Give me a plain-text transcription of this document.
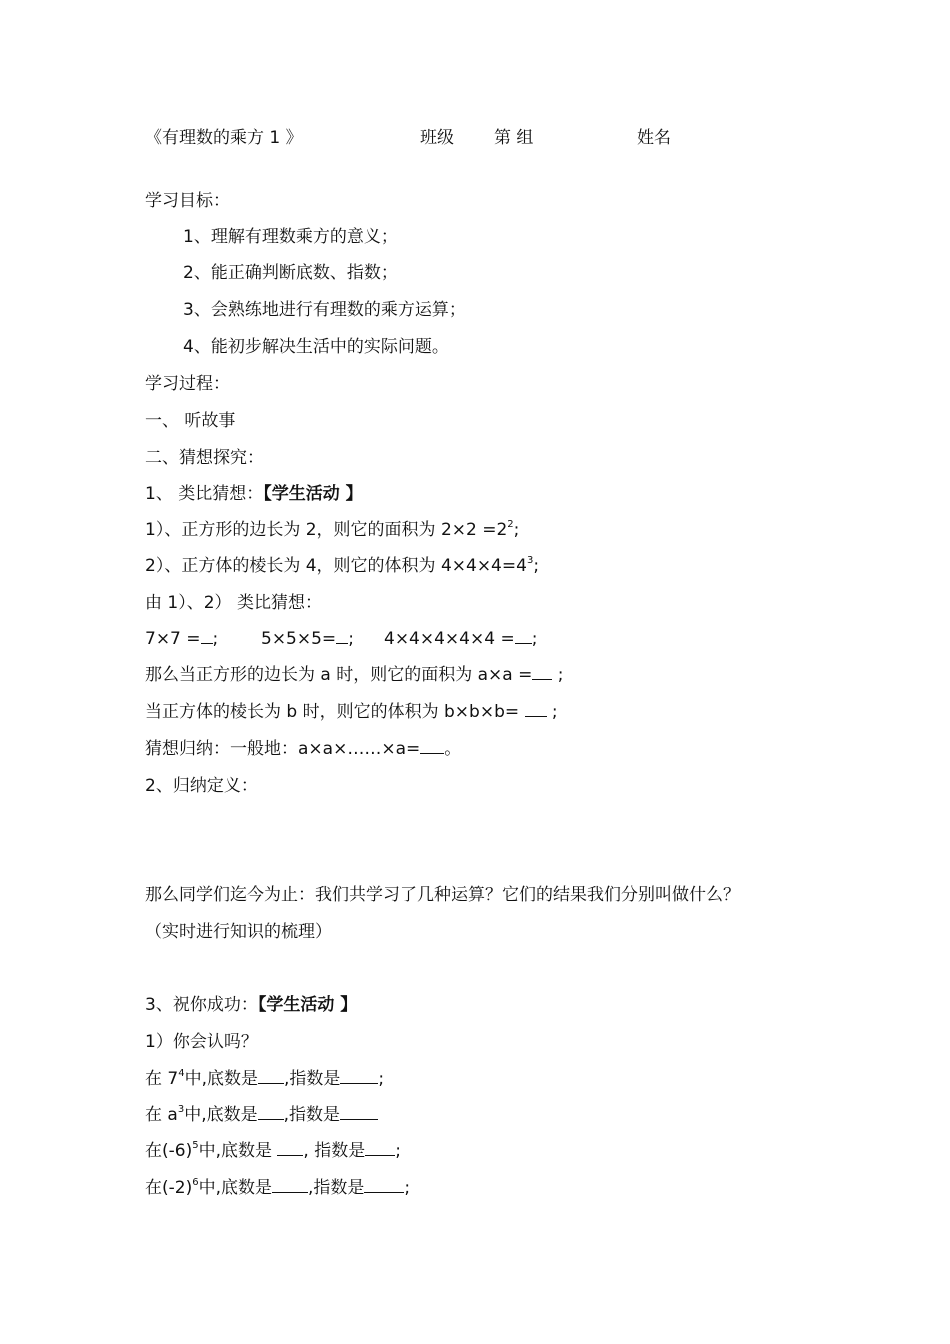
《有理数的乘方 1 》	班级 第 组	姓名
学习目标：
1、理解有理数乘方的意义；
2、能正确判断底数、指数；
3、会熟练地进行有理数的乘方运算；
4、能初步解决生活中的实际问题。
学习过程：
一、 听故事
二、猜想探究：
1、 类比猜想：【学生活动 】
1）、正方形的边长为 2，则它的面积为 $2\times 2 =2^2$;
2）、正方体的棱长为 4，则它的体积为 $4\times 4\times 4=4^3$;
由 1）、2） 类比猜想：
7×7 = ;	5×5×5= ; 4×4×4×4×4 = ;
那么当正方形的边长为 a 时，则它的面积为 a×a = ;
当正方体的棱长为 b 时，则它的体积为 b×b×b=  ;
猜想归纳：一般地：a×a×……×a= 。
2、归纳定义：
那么同学们迄今为止：我们共学习了几种运算？它们的结果我们分别叫做什么？
（实时进行知识的梳理）
3、祝你成功：【学生活动 】
1）你会认吗？
在 $7^4$中,底数是 ,指数是 ;
在 $a^3$中,底数是 ,指数是
在$(-6)^5$中,底数是 , 指数是 ;
在$(-2)^6$中,底数是 ,指数是 ;
